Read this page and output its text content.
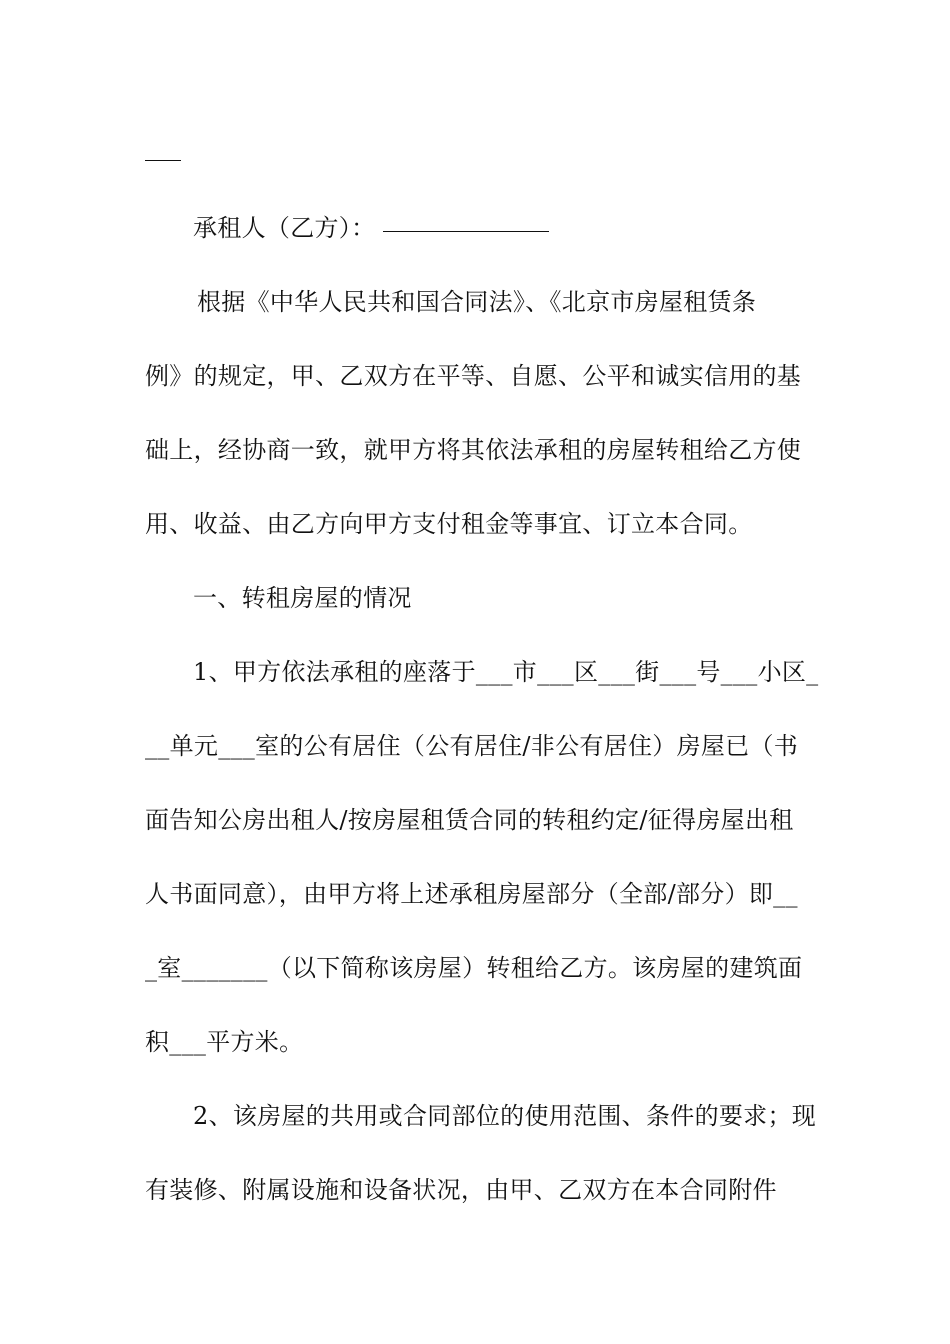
承租人（乙方）：
根据《中华人民共和国合同法》、《北京市房屋租赁条
例》的规定，甲、乙双方在平等、自愿、公平和诚实信用的基
础上，经协商一致，就甲方将其依法承租的房屋转租给乙方使
用、收益、由乙方向甲方支付租金等事宜、订立本合同。
一、转租房屋的情况
1、甲方依法承租的座落于___市___区___街___号___小区_
__单元___室的公有居住（公有居住/非公有居住）房屋已（书
面告知公房出租人/按房屋租赁合同的转租约定/征得房屋出租
人书面同意），由甲方将上述承租房屋部分（全部/部分）即__
_室_______（以下简称该房屋）转租给乙方。该房屋的建筑面
积___平方米。
2、该房屋的共用或合同部位的使用范围、条件的要求；现
有装修、附属设施和设备状况，由甲、乙双方在本合同附件
